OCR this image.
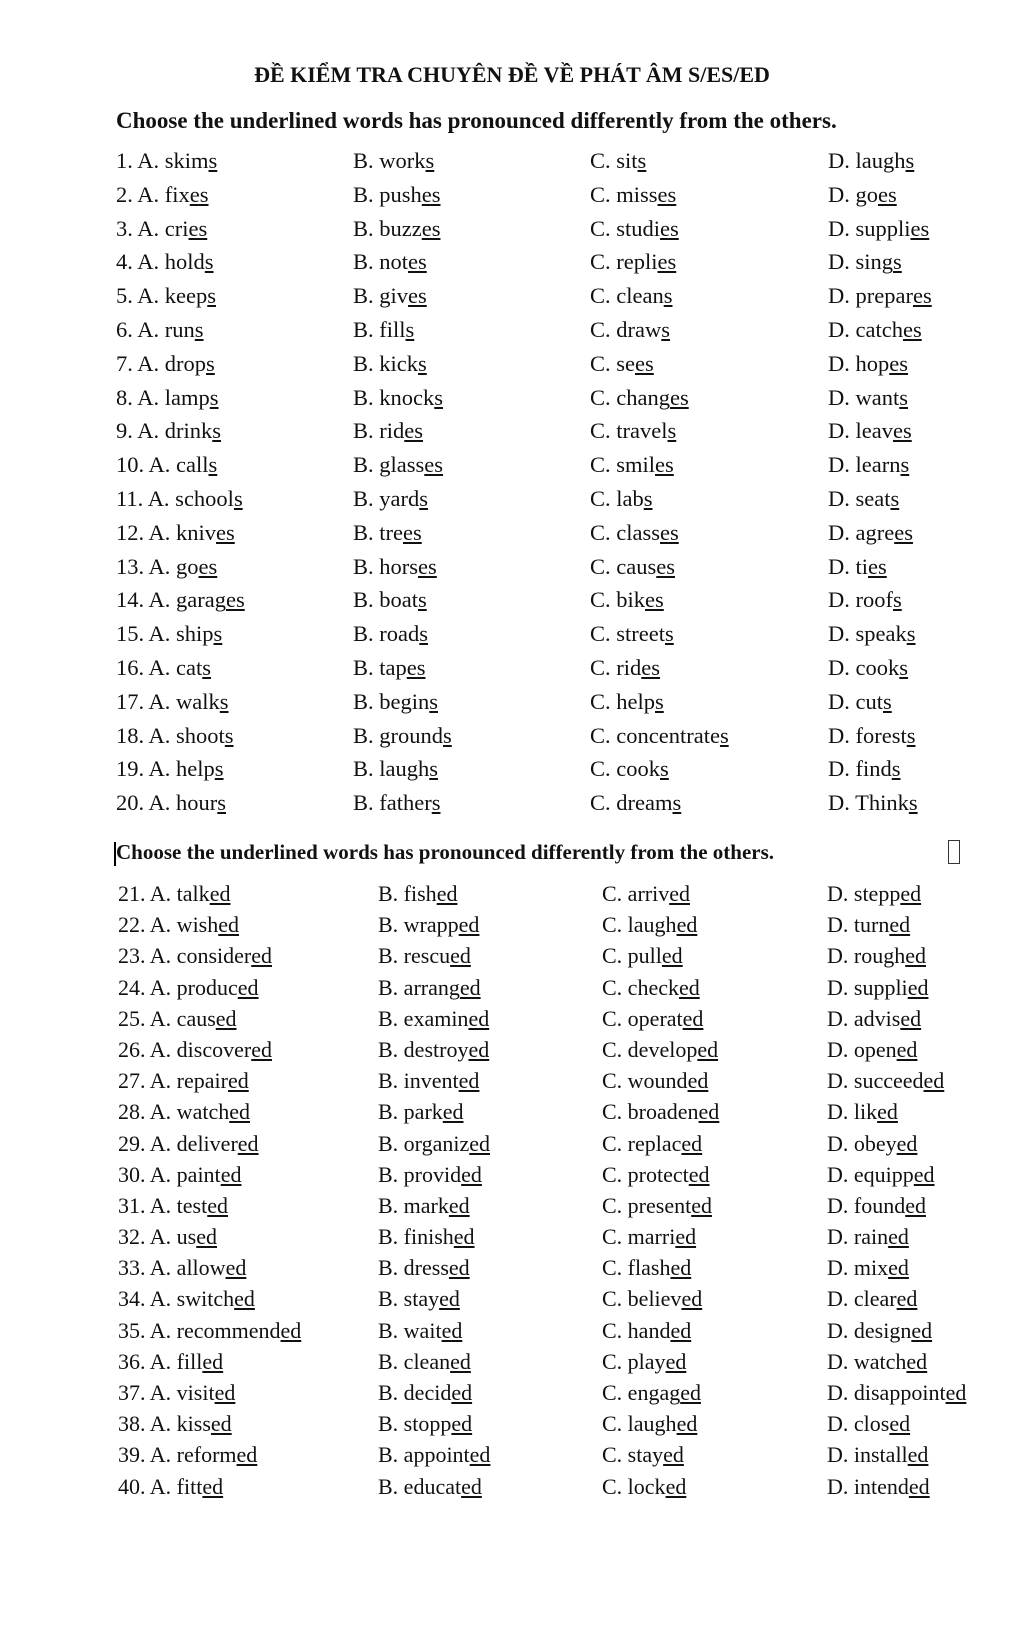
ĐỀ KIỂM TRA CHUYÊN ĐỀ VỀ PHÁT ÂM S/ES/ED
Choose the underlined words has pronounced differently from the others.
1. A. skims	B. works	C. sits	D. laughs
2. A. fixes	B. pushes	C. misses	D. goes
3. A. cries	B. buzzes	C. studies	D. supplies
4. A. holds	B. notes	C. replies	D. sings
5. A. keeps	B. gives	C. cleans	D. prepares
6. A. runs	B. fills	C. draws	D. catches
7. A. drops	B. kicks	C. sees	D. hopes
8. A. lamps	B. knocks	C. changes	D. wants
9. A. drinks	B. rides	C. travels	D. leaves
10. A. calls	B. glasses	C. smiles	D. learns
11. A. schools	B. yards	C. labs	D. seats
12. A. knives	B. trees	C. classes	D. agrees
13. A. goes	B. horses	C. causes	D. ties
14. A. garages	B. boats	C. bikes	D. roofs
15. A. ships	B. roads	C. streets	D. speaks
16. A. cats	B. tapes	C. rides	D. cooks
17. A. walks	B. begins	C. helps	D. cuts
18. A. shoots	B. grounds	C. concentrates	D. forests
19. A. helps	B. laughs	C. cooks	D. finds
20. A. hours	B. fathers	C. dreams	D. Thinks
Choose the underlined words has pronounced differently from the others.
21. A. talked	B. fished	C. arrived	D. stepped
22. A. wished	B. wrapped	C. laughed	D. turned
23. A. considered	B. rescued	C. pulled	D. roughed
24. A. produced	B. arranged	C. checked	D. supplied
25. A. caused	B. examined	C. operated	D. advised
26. A. discovered	B. destroyed	C. developed	D. opened
27. A. repaired	B. invented	C. wounded	D. succeeded
28. A. watched	B. parked	C. broadened	D. liked
29. A. delivered	B. organized	C. replaced	D. obeyed
30. A. painted	B. provided	C. protected	D. equipped
31. A. tested	B. marked	C. presented	D. founded
32. A. used	B. finished	C. married	D. rained
33. A. allowed	B. dressed	C. flashed	D. mixed
34. A. switched	B. stayed	C. believed	D. cleared
35. A. recommended	B. waited	C. handed	D. designed
36. A. filled	B. cleaned	C. played	D. watched
37. A. visited	B. decided	C. engaged	D. disappointed
38. A. kissed	B. stopped	C. laughed	D. closed
39. A. reformed	B. appointed	C. stayed	D. installed
40. A. fitted	B. educated	C. locked	D. intended
